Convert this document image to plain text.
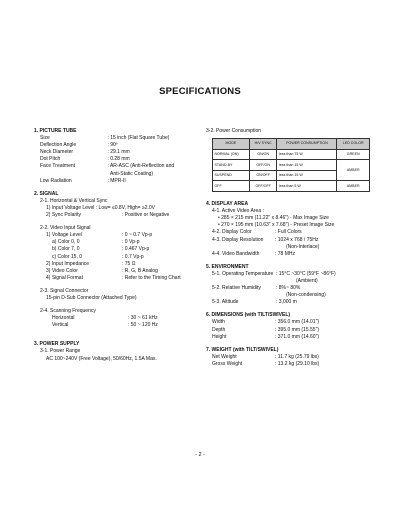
SPECIFICATIONS
1. PICTURE TUBE
Size	: 15 inch (Flat Square Tube)
Deflection Angle	: 90º
Neck Diameter	: 29.1 mm
Dot Pitch	: 0.28 mm
Face Treatment	: AR-ASC (Anti-Reflection and
Anti-Static Coating)
Low Radiation	: MPR-II
2. SIGNAL
2-1. Horizontal & Vertical Sync
1) Input Voltage Level : Low= ≤0.8V, High= ≥2.0V
2) Sync Polarity	: Positive or Negative
2-2. Video Input Signal
1) Voltage Level	: 0 ~ 0.7 Vp-p
a) Color 0, 0	: 0 Vp-p
b) Color 7, 0	: 0.467 Vp-p
c) Color 15, 0	: 0.7 Vp-p
2) Input Impedance	: 75 Ω
3) Video Color	: R, G, B Analog
4) Signal Format	: Refer to the Timing Chart
2-3. Signal Connector
15-pin D-Sub Connector (Attached Type)
2-4. Scanning Frequency
Horizontal	: 30 ~ 61 kHz
Vertical	: 50 ~ 120 Hz
3. POWER SUPPLY
3-1. Power Range
AC 100~240V (Free Voltage), 50/60Hz, 1.5A Max.
3-2. Power Consumption
MODE	H/V SYNC	POWER CONSUMPTION	LED COLOR
NORMAL (ON)	ON/ON	less than 75 W	GREEN
STAND-BY	OFF/ON	less than 15 W	AMBER
SUSPEND	ON/OFF	less than 15 W	
OFF	OFF/OFF	less than 5 W	AMBER
4. DISPLAY AREA
4-1. Active Video Area :
• 285 × 215 mm (11.22" x 8.46") - Max Image Size
• 270 × 195 mm (10.63" x 7.68") - Preset Image Size
4-2. Display Color	: Full Colors
4-3. Display Resolution	: 1024 x 768 / 75Hz
(Non-Interlace)
4-4. Video Bandwidth	: 78 MHz
5. ENVIRONMENT
5-1. Operating Temperature : 15°C ~30°C (59°F ~86°F)
(Ambient)
5-2. Relative Humidity	: 8%~ 80%
(Non-condensing)
5-3. Altitude	: 3,000 m
6. DIMENSIONS (with TILT/SWIVEL)
Width	: 356.0 mm (14.01")
Depth	: 395.0 mm (15.55")
Height	: 371.0 mm (14.60")
7. WEIGHT (with TILT/SWIVEL)
Net Weight	: 11.7 kg (25.79 lbs)
Gross Weight	: 13.2 kg (29.10 lbs)
- 2 -
